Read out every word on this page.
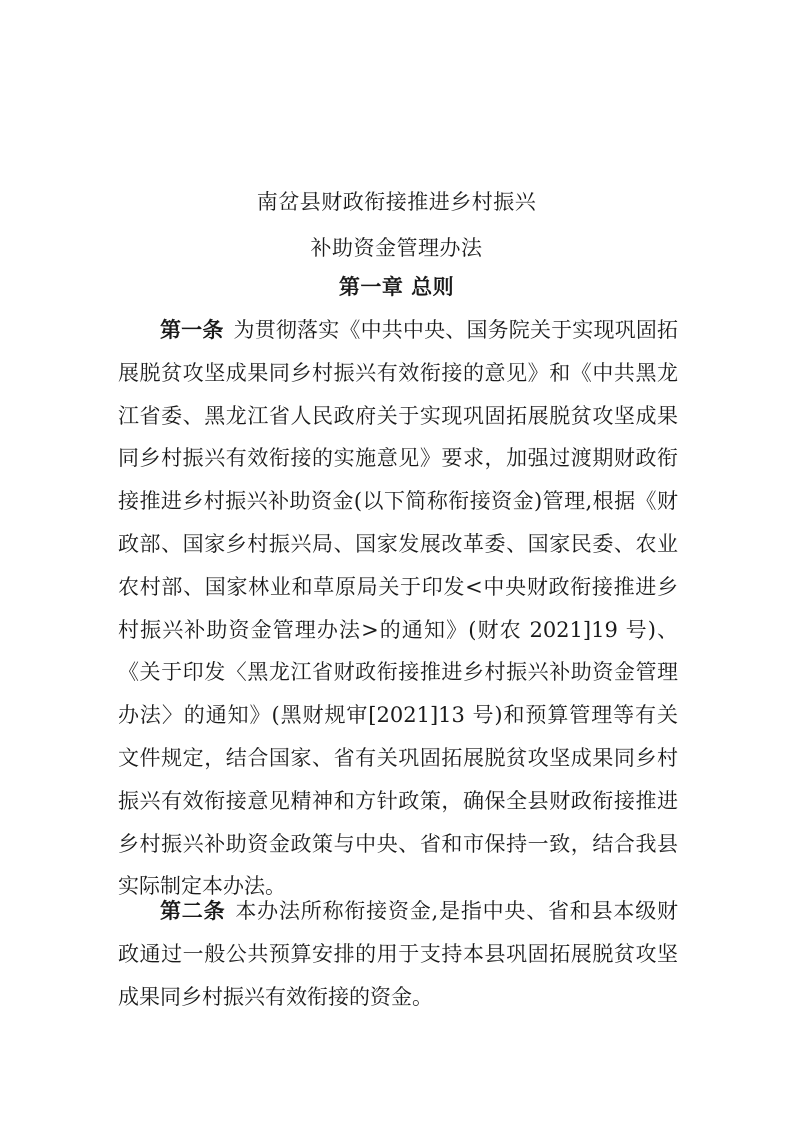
南岔县财政衔接推进乡村振兴
补助资金管理办法
第一章 总则

第一条 为贯彻落实《中共中央、国务院关于实现巩固拓展脱贫攻坚成果同乡村振兴有效衔接的意见》和《中共黑龙江省委、黑龙江省人民政府关于实现巩固拓展脱贫攻坚成果同乡村振兴有效衔接的实施意见》要求，加强过渡期财政衔接推进乡村振兴补助资金(以下简称衔接资金)管理,根据《财政部、国家乡村振兴局、国家发展改革委、国家民委、农业农村部、国家林业和草原局关于印发<中央财政衔接推进乡村振兴补助资金管理办法>的通知》(财农 2021]19 号)、《关于印发〈黑龙江省财政衔接推进乡村振兴补助资金管理办法〉的通知》(黑财规审[2021]13 号)和预算管理等有关文件规定，结合国家、省有关巩固拓展脱贫攻坚成果同乡村振兴有效衔接意见精神和方针政策，确保全县财政衔接推进乡村振兴补助资金政策与中央、省和市保持一致，结合我县实际制定本办法。

第二条 本办法所称衔接资金,是指中央、省和县本级财政通过一般公共预算安排的用于支持本县巩固拓展脱贫攻坚成果同乡村振兴有效衔接的资金。
